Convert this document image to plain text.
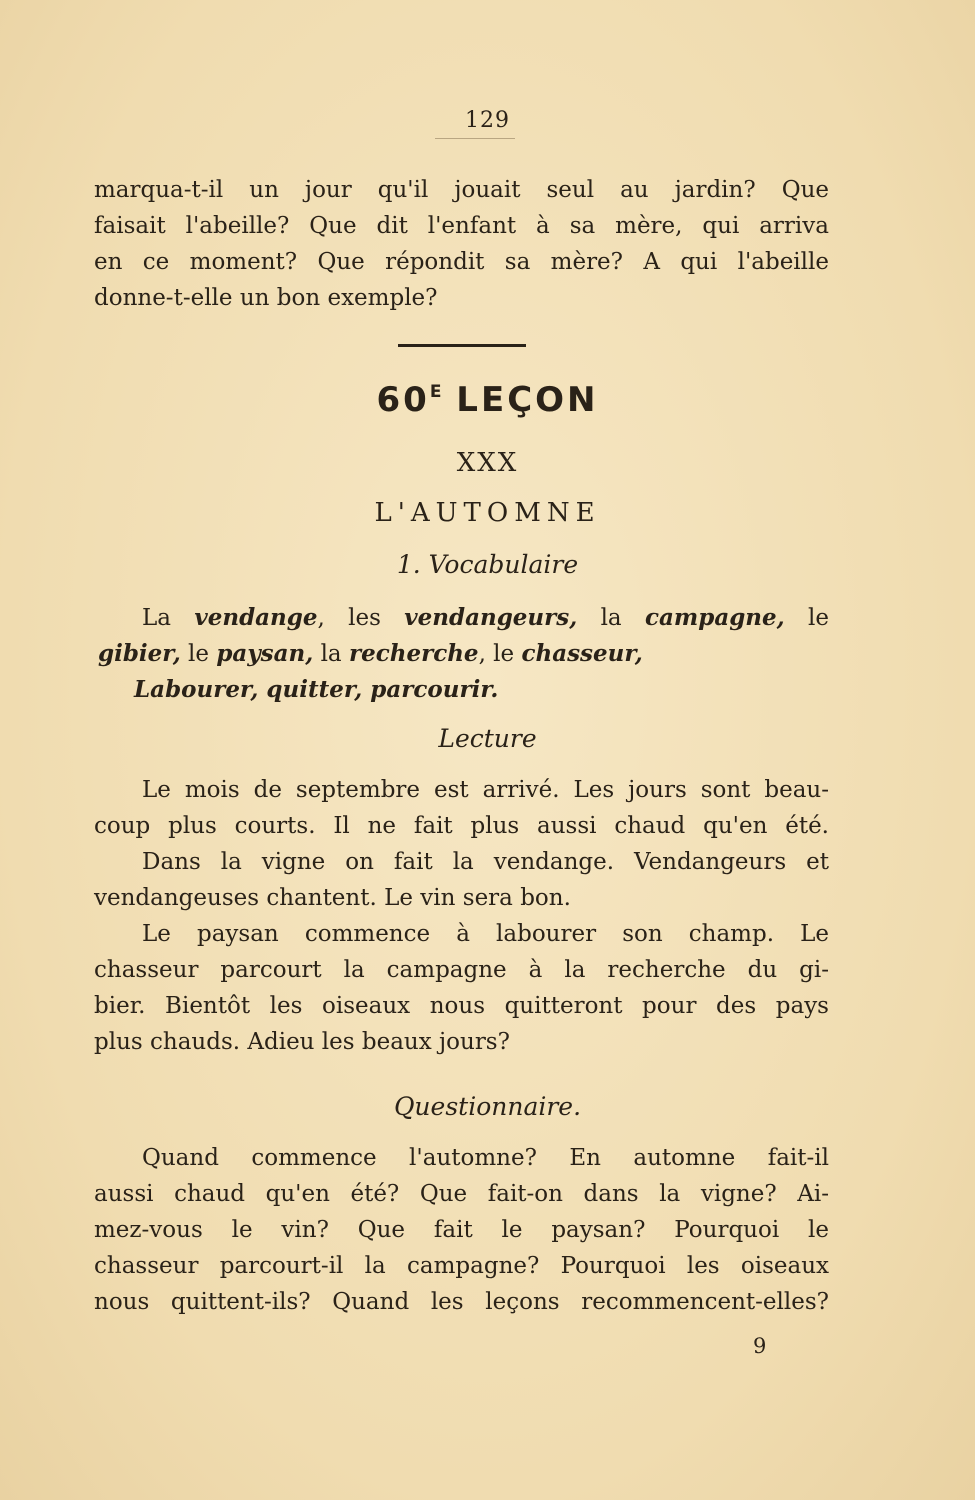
129
marqua-t-il un jour qu'il jouait seul au jardin? Que
faisait l'abeille? Que dit l'enfant à sa mère, qui arriva
en ce moment? Que répondit sa mère? A qui l'abeille
donne-t-elle un bon exemple?
$60^E$ LEÇON
XXX
L'AUTOMNE
1. Vocabulaire
La vendange, les vendangeurs, la campagne, le
gibier, le paysan, la recherche, le chasseur,
Labourer, quitter, parcourir.
Lecture
Le mois de septembre est arrivé. Les jours sont beau-
coup plus courts. Il ne fait plus aussi chaud qu'en été.
Dans la vigne on fait la vendange. Vendangeurs et
vendangeuses chantent. Le vin sera bon.
Le paysan commence à labourer son champ. Le
chasseur parcourt la campagne à la recherche du gi-
bier. Bientôt les oiseaux nous quitteront pour des pays
plus chauds. Adieu les beaux jours?
Questionnaire.
Quand commence l'automne? En automne fait-il
aussi chaud qu'en été? Que fait-on dans la vigne? Ai-
mez-vous le vin? Que fait le paysan? Pourquoi le
chasseur parcourt-il la campagne? Pourquoi les oiseaux
nous quittent-ils? Quand les leçons recommencent-elles?
9
